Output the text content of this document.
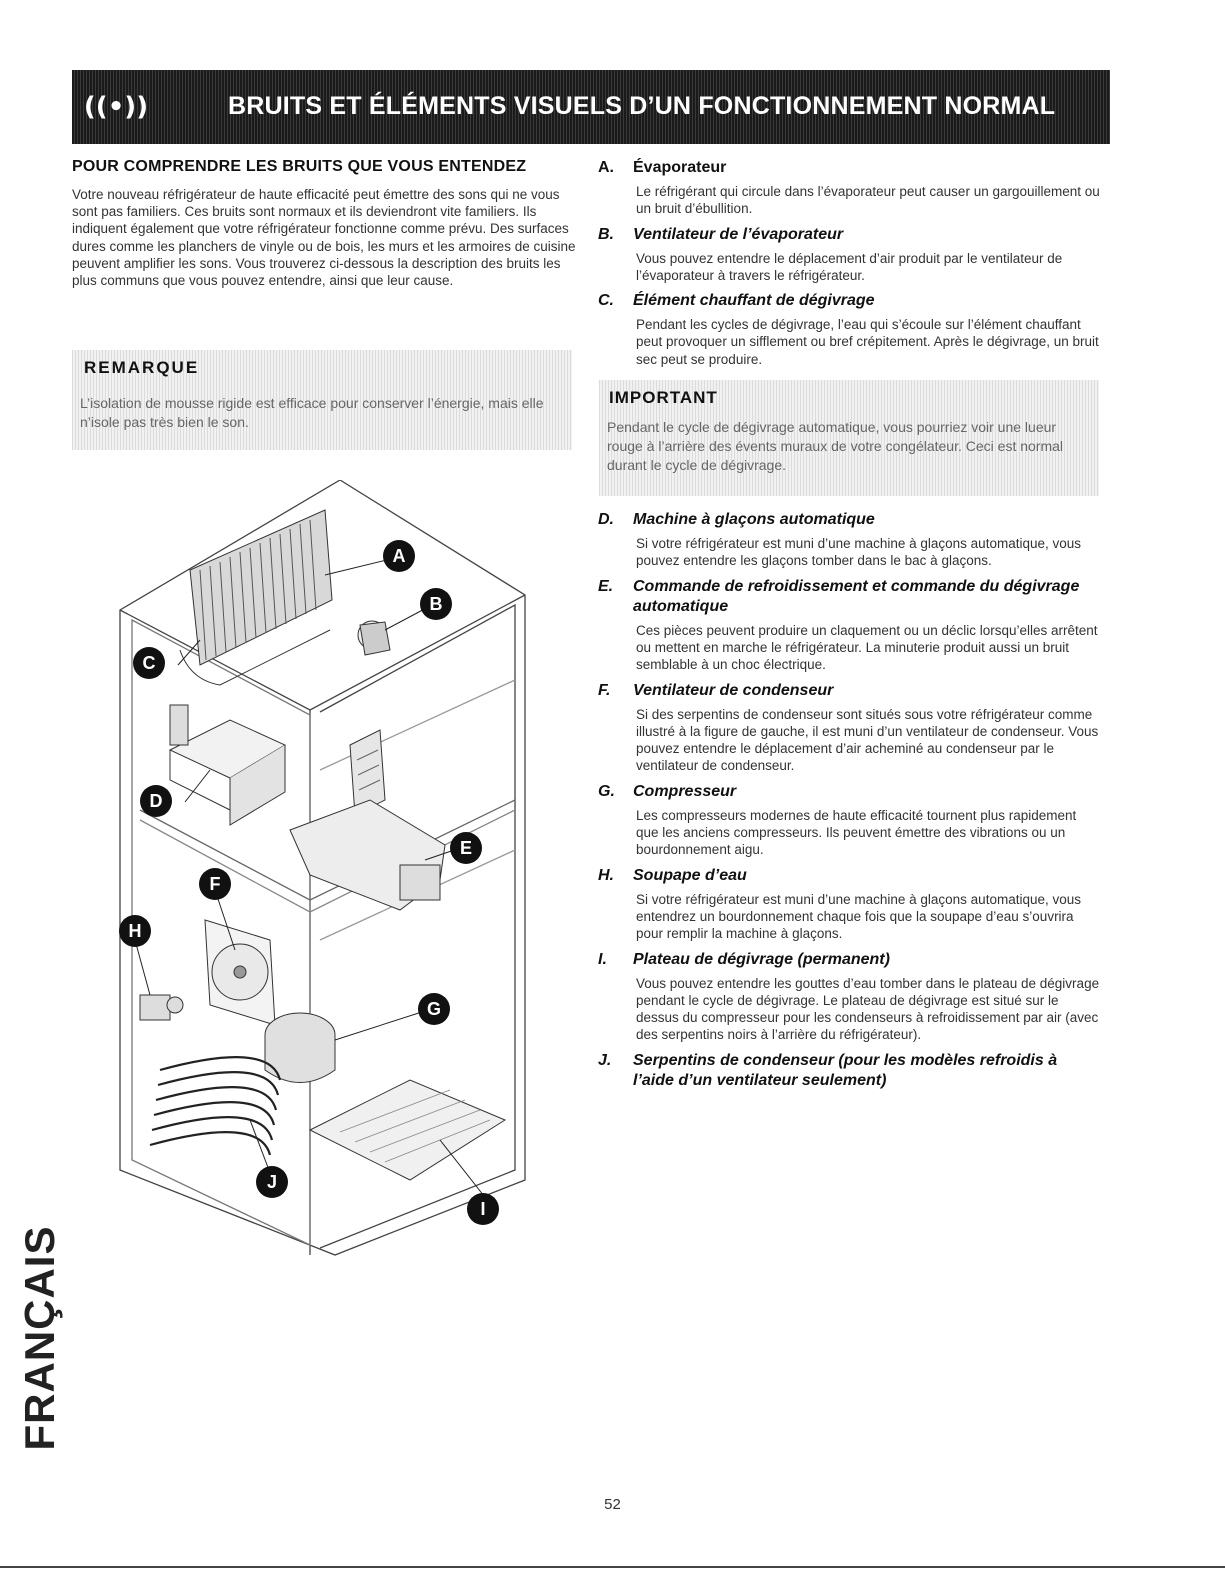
((•))	BRUITS ET ÉLÉMENTS VISUELS D’UN FONCTIONNEMENT NORMAL
POUR COMPRENDRE LES BRUITS QUE VOUS ENTENDEZ

Votre nouveau réfrigérateur de haute efficacité peut émettre des sons qui ne vous sont pas familiers. Ces bruits sont normaux et ils deviendront vite familiers. Ils indiquent également que votre réfrigérateur fonctionne comme prévu. Des surfaces dures comme les planchers de vinyle ou de bois, les murs et les armoires de cuisine peuvent amplifier les sons. Vous trouverez ci-dessous la description des bruits les plus communs que vous pouvez entendre, ainsi que leur cause.

REMARQUE
L’isolation de mousse rigide est efficace pour conserver l’énergie, mais elle n’isole pas très bien le son.
A
B
C
D
E
F
G
H
I
J
A.	Évaporateur
Le réfrigérant qui circule dans l’évaporateur peut causer un gargouillement ou un bruit d’ébullition.
B.	Ventilateur de l’évaporateur
Vous pouvez entendre le déplacement d’air produit par le ventilateur de l’évaporateur à travers le réfrigérateur.
C.	Élément chauffant de dégivrage
Pendant les cycles de dégivrage, l’eau qui s’écoule sur l’élément chauffant peut provoquer un sifflement ou bref crépitement. Après le dégivrage, un bruit sec peut se produire.
IMPORTANT
Pendant le cycle de dégivrage automatique, vous pourriez voir une lueur rouge à l’arrière des évents muraux de votre congélateur. Ceci est normal durant le cycle de dégivrage.
D.	Machine à glaçons automatique
Si votre réfrigérateur est muni d’une machine à glaçons automatique, vous pouvez entendre les glaçons tomber dans le bac à glaçons.
E.	Commande de refroidissement et commande du dégivrage automatique
Ces pièces peuvent produire un claquement ou un déclic lorsqu’elles arrêtent ou mettent en marche le réfrigérateur. La minuterie produit aussi un bruit semblable à un choc électrique.
F.	Ventilateur de condenseur
Si des serpentins de condenseur sont situés sous votre réfrigérateur comme illustré à la figure de gauche, il est muni d’un ventilateur de condenseur. Vous pouvez entendre le déplacement d’air acheminé au condenseur par le ventilateur de condenseur.
G.	Compresseur
Les compresseurs modernes de haute efficacité tournent plus rapidement que les anciens compresseurs. Ils peuvent émettre des vibrations ou un bourdonnement aigu.
H.	Soupape d’eau
Si votre réfrigérateur est muni d’une machine à glaçons automatique, vous entendrez un bourdonnement chaque fois que la soupape d’eau s’ouvrira pour remplir la machine à glaçons.
I.	Plateau de dégivrage (permanent)
Vous pouvez entendre les gouttes d’eau tomber dans le plateau de dégivrage pendant le cycle de dégivrage. Le plateau de dégivrage est situé sur le dessus du compresseur pour les condenseurs à refroidissement par air (avec des serpentins noirs à l’arrière du réfrigérateur).
J.	Serpentins de condenseur (pour les modèles refroidis à l’aide d’un ventilateur seulement)
FRANÇAIS
52
